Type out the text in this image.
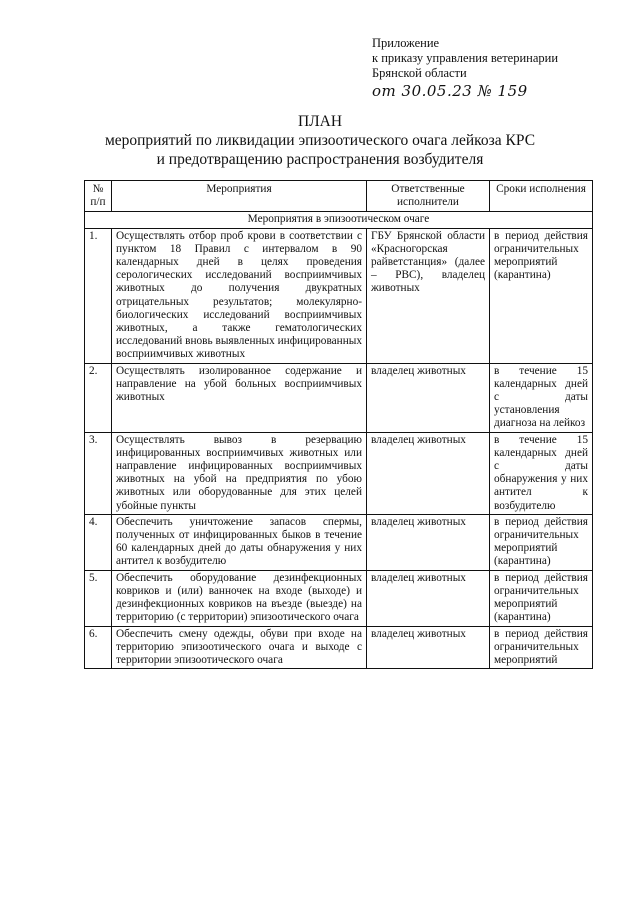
Приложение
к приказу управления ветеринарии
Брянской области
от 30.05.23 № 159
ПЛАН
мероприятий по ликвидации эпизоотического очага лейкоза КРС
и предотвращению распространения возбудителя
№ п/п	Мероприятия	Ответственные исполнители	Сроки исполнения
Мероприятия в эпизоотическом очаге			
1.	Осуществлять отбор проб крови в соответствии с пунктом 18 Правил с интервалом в 90 календарных дней в целях проведения серологических исследований восприимчивых животных до получения двукратных отрицательных результатов; молекулярно-биологических исследований восприимчивых животных, а также гематологических исследований вновь выявленных инфицированных восприимчивых животных	ГБУ Брянской области «Красногорская райветстанция» (далее – РВС), владелец животных	в период действия ограничительных мероприятий (карантина)
2.	Осуществлять изолированное содержание и направление на убой больных восприимчивых животных	владелец животных	в течение 15 календарных дней с даты установления диагноза на лейкоз
3.	Осуществлять вывоз в резервацию инфицированных восприимчивых животных или направление инфицированных восприимчивых животных на убой на предприятия по убою животных или оборудованные для этих целей убойные пункты	владелец животных	в течение 15 календарных дней с даты обнаружения у них антител к возбудителю
4.	Обеспечить уничтожение запасов спермы, полученных от инфицированных быков в течение 60 календарных дней до даты обнаружения у них антител к возбудителю	владелец животных	в период действия ограничительных мероприятий (карантина)
5.	Обеспечить оборудование дезинфекционных ковриков и (или) ванночек на входе (выходе) и дезинфекционных ковриков на въезде (выезде) на территорию (с территории) эпизоотического очага	владелец животных	в период действия ограничительных мероприятий (карантина)
6.	Обеспечить смену одежды, обуви при входе на территорию эпизоотического очага и выходе с территории эпизоотического очага	владелец животных	в период действия ограничительных мероприятий
